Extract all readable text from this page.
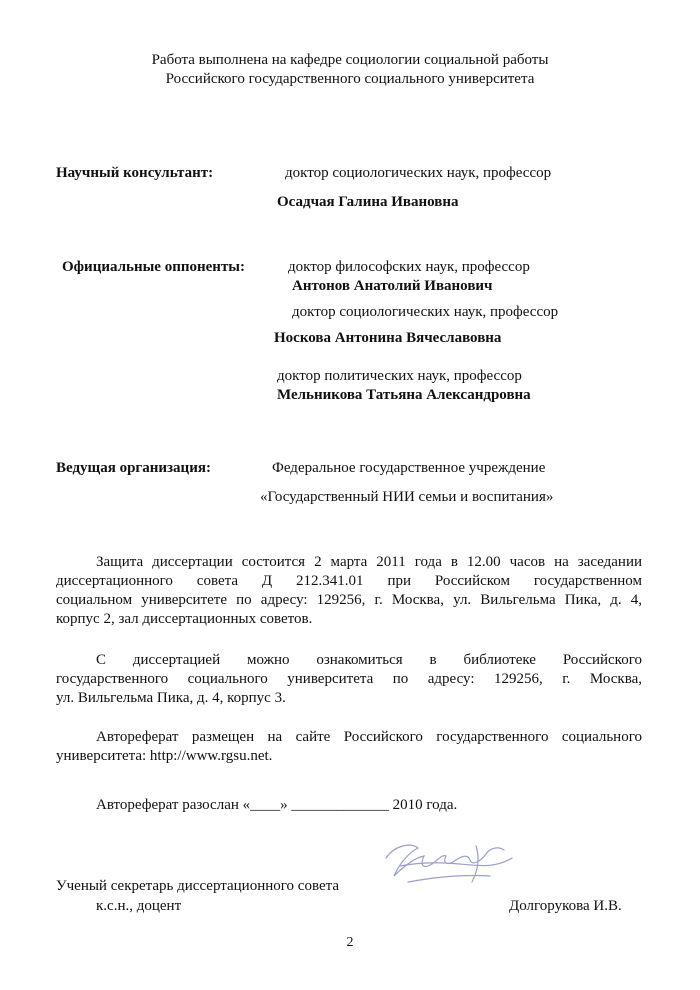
Работа выполнена на кафедре социологии социальной работы
Российского государственного социального университета
Научный консультант:	доктор социологических наук, профессор
Осадчая Галина Ивановна
Официальные оппоненты:	доктор философских наук, профессор
Антонов Анатолий Иванович
доктор социологических наук, профессор
Носкова Антонина Вячеславовна
доктор политических наук, профессор
Мельникова Татьяна Александровна
Ведущая организация:	Федеральное государственное учреждение
«Государственный НИИ семьи и воспитания»
Защита диссертации состоится 2 марта 2011 года в 12.00 часов на заседании
диссертационного совета Д 212.341.01 при Российском государственном
социальном университете по адресу: 129256, г. Москва, ул. Вильгельма Пика, д. 4,
корпус 2, зал диссертационных советов.
С диссертацией можно ознакомиться в библиотеке Российского
государственного социального университета по адресу: 129256, г. Москва,
ул. Вильгельма Пика, д. 4, корпус 3.
Автореферат размещен на сайте Российского государственного социального
университета: http://www.rgsu.net.
Автореферат разослан «____» _____________ 2010 года.
Ученый секретарь диссертационного совета
к.с.н., доцент	Долгорукова И.В.
2
